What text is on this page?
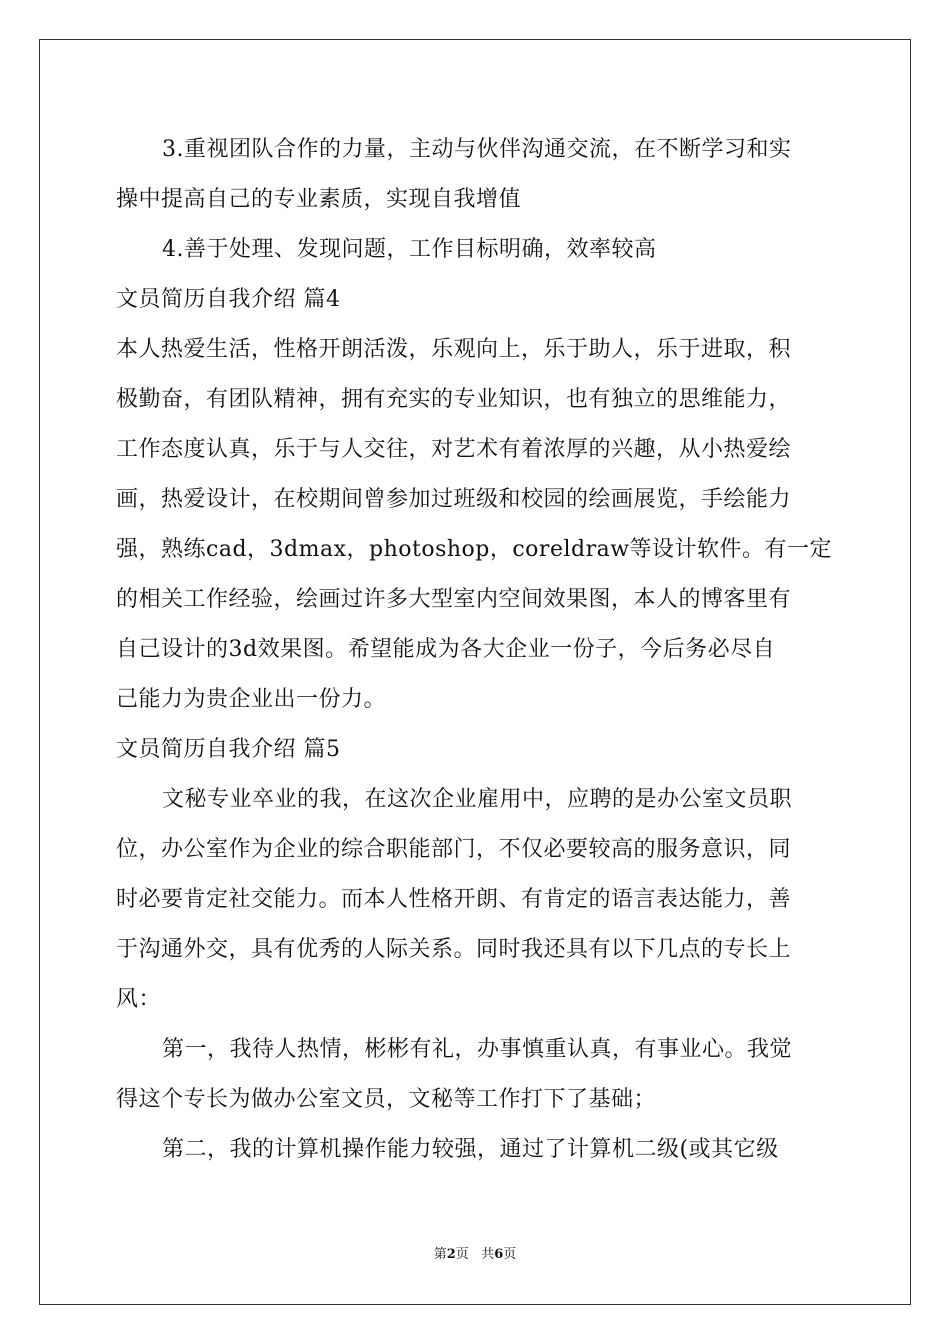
3.重视团队合作的力量，主动与伙伴沟通交流，在不断学习和实
操中提高自己的专业素质，实现自我增值
4.善于处理、发现问题，工作目标明确，效率较高
文员简历自我介绍 篇4
本人热爱生活，性格开朗活泼，乐观向上，乐于助人，乐于进取，积
极勤奋，有团队精神，拥有充实的专业知识，也有独立的思维能力，
工作态度认真，乐于与人交往，对艺术有着浓厚的兴趣，从小热爱绘
画，热爱设计，在校期间曾参加过班级和校园的绘画展览，手绘能力
强，熟练cad，3dmax，photoshop，coreldraw等设计软件。有一定
的相关工作经验，绘画过许多大型室内空间效果图，本人的博客里有
自己设计的3d效果图。希望能成为各大企业一份子，今后务必尽自
己能力为贵企业出一份力。
文员简历自我介绍 篇5
文秘专业卒业的我，在这次企业雇用中，应聘的是办公室文员职
位，办公室作为企业的综合职能部门，不仅必要较高的服务意识，同
时必要肯定社交能力。而本人性格开朗、有肯定的语言表达能力，善
于沟通外交，具有优秀的人际关系。同时我还具有以下几点的专长上
风：
第一，我待人热情，彬彬有礼，办事慎重认真，有事业心。我觉
得这个专长为做办公室文员，文秘等工作打下了基础；
第二，我的计算机操作能力较强，通过了计算机二级(或其它级
第2页 共6页
